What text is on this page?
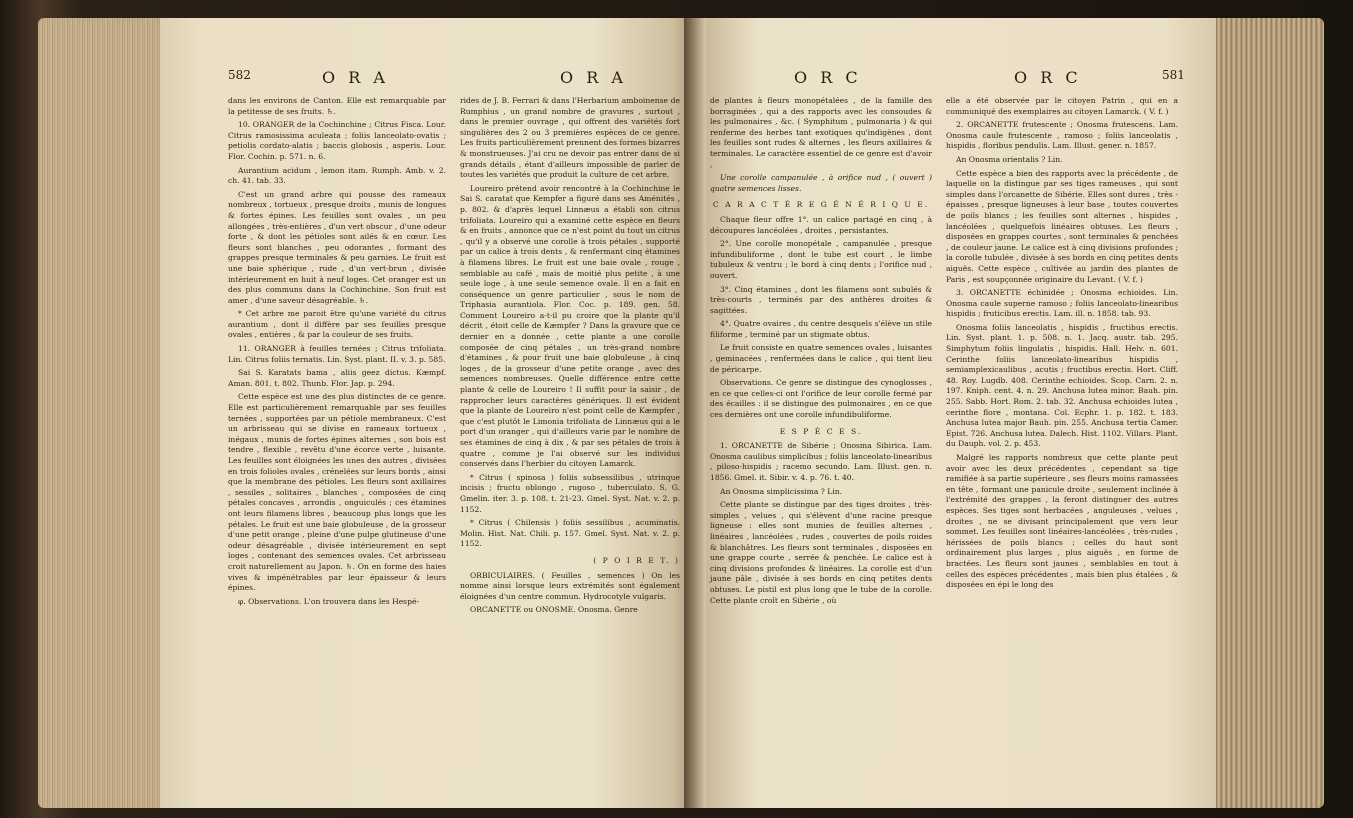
582	O R A	O R A

dans les environs de Canton. Elle est remarquable par la petitesse de ses fruits. ♄.

10. ORANGER de la Cochinchine ; Citrus Fisca. Lour. Citrus ramosissima aculeata ; foliis lanceolato-ovatis ; petiolis cordato-alatis ; baccis globosis , asperis. Lour. Flor. Cochin. p. 571. n. 6.

Aurantium acidum , lemon itam. Rumph. Amb. v. 2. ch. 41. tab. 33.

C'est un grand arbre qui pousse des rameaux nombreux , tortueux , presque droits , munis de longues & fortes épines. Les feuilles sont ovales , un peu allongées , très-entières , d'un vert obscur , d'une odeur forte , & dont les pétioles sont ailés & en cœur. Les fleurs sont blanches , peu odorantes , formant des grappes presque terminales & peu garnies. Le fruit est une baie sphérique , rude , d'un vert-brun , divisée intérieurement en huit à neuf loges. Cet oranger est un des plus communs dans la Cochinchine. Son fruit est amer , d'une saveur désagréable. ♄.

* Cet arbre me paroit être qu'une variété du citrus aurantium , dont il diffère par ses feuilles presque ovales , entières , & par la couleur de ses fruits.

11. ORANGER à feuilles ternées ; Citrus trifoliata. Lin. Citrus foliis ternatis. Lin. Syst. plant. II. v. 3. p. 585.

Sai S. Karatats bama , aliis geez dictus. Kæmpf. Aman. 801. t. 802. Thunb. Flor. Jap. p. 294.

Cette espèce est une des plus distinctes de ce genre. Elle est particulièrement remarquable par ses feuilles ternées , supportées par un pétiole membraneux. C'est un arbrisseau qui se divise en rameaux tortueux , inégaux , munis de fortes épines alternes , son bois est tendre , flexible , revêtu d'une écorce verte , luisante. Les feuilles sont éloignées les unes des autres , divisées en trois folioles ovales , crénelées sur leurs bords , ainsi que la membrane des pétioles. Les fleurs sont axillaires , sessiles , solitaires , blanches , composées de cinq pétales concaves , arrondis , onguiculés ; ces étamines ont leurs filamens libres , beaucoup plus longs que les pétales. Le fruit est une baie globuleuse , de la grosseur d'une petit orange , pleine d'une pulpe glutineuse d'une odeur désagréable , divisée intérieurement en sept loges , contenant des semences ovales. Cet arbrisseau croit naturellement au Japon. ♄. On en forme des haies vives & impénétrables par leur épaisseur & leurs épines.

φ. Observations. L'on trouvera dans les Hespé-

rides de J. B. Ferrari & dans l'Herbarium amboinense de Rumphius , un grand nombre de gravures , surtout , dans le premier ouvrage , qui offrent des variétés fort singulières des 2 ou 3 premières espèces de ce genre. Les fruits particulièrement prennent des formes bizarres & monstrueuses. J'ai cru ne devoir pas entrer dans de si grands détails , étant d'ailleurs impossible de parler de toutes les variétés que produit la culture de cet arbre.

Loureiro prétend avoir rencontré à la Cochinchine le Sai S. caratat que Kempfer a figuré dans ses Aménités , p. 802. & d'après lequel Linnæus a établi son citrus trifoliata. Loureiro qui a examiné cette espèce en fleurs & en fruits , annonce que ce n'est point du tout un citrus , qu'il y a observé une corolle à trois pétales , supporté par un calice à trois dents , & renfermant cinq étamines à filamens libres. Le fruit est une baie ovale , rouge , semblable au café , mais de moitié plus petite , à une seule loge , à une seule semence ovale. Il en a fait en conséquence un genre particulier , sous le nom de Triphasia aurantiola. Flor. Coc. p. 189. gen. 58. Comment Loureiro a-t-il pu croire que la plante qu'il décrit , étoit celle de Kæmpfer ? Dans la gravure que ce dernier en a donnée , cette plante a une corolle composée de cinq pétales , un très-grand nombre d'étamines , & pour fruit une baie globuleuse , à cinq loges , de la grosseur d'une petite orange , avec des semences nombreuses. Quelle différence entre cette plante & celle de Loureiro ! Il suffit pour la saisir , de rapprocher leurs caractères génériques. Il est évident que la plante de Loureiro n'est point celle de Kæmpfer , que c'est plutôt le Limonia trifoliata de Linnæus qui a le port d'un oranger , qui d'ailleurs varie par le nombre de ses étamines de cinq à dix , & par ses pétales de trois à quatre , comme je l'ai observé sur les individus conservés dans l'herbier du citoyen Lamarck.

* Citrus ( spinosa ) foliis subsessilibus , utrinque incisis ; fructu oblongo , rugoso , tuberculato. S. G. Gmelin. iter. 3. p. 108. t. 21-23. Gmel. Syst. Nat. v. 2. p. 1152.

* Citrus ( Chilensis ) foliis sessilibus , acuminatis. Molin. Hist. Nat. Chili. p. 157. Gmel. Syst. Nat. v. 2. p. 1152.

( P O I R E T. )

ORBICULAIRES. ( Feuilles , semences ) On les nomme ainsi lorsque leurs extrémités sont également éloignées d'un centre commun. Hydrocotyle vulgaris.

ORCANETTE ou ONOSME. Onosma. Genre

O R C	O R C	581

de plantes à fleurs monopétalées , de la famille des borraginées , qui a des rapports avec les consoudes & les pulmonaires , &c. ( Symphitum , pulmonaria ) & qui renferme des herbes tant exotiques qu'indigènes , dont les feuilles sont rudes & alternes , les fleurs axillaires & terminales. Le caractère essentiel de ce genre est d'avoir ,

Une corolle campanulée , à orifice nud , ( ouvert ) quatre semences lisses.

C A R A C T È R E G É N É R I Q U E.

Chaque fleur offre 1°. un calice partagé en cinq , à découpures lancéolées , droites , persistantes.

2°. Une corolle monopétale , campanulée , presque infundibuliforme , dont le tube est court , le limbe tubuleux & ventru ; le bord à cinq dents ; l'orifice nud , ouvert.

3°. Cinq étamines , dont les filamens sont subulés & très-courts , terminés par des anthères droites & sagittées.

4°. Quatre ovaires , du centre desquels s'élève un stile filiforme , terminé par un stigmate obtus.

Le fruit consiste en quatre semences ovales , luisantes , geminacées , renfermées dans le calice , qui tient lieu de péricarpe.

Observations. Ce genre se distingue des cynoglosses , en ce que celles-ci ont l'orifice de leur corolle fermé par des écailles : il se distingue des pulmonaires , en ce que ces dernières ont une corolle infundibuliforme.

E S P È C E S.

1. ORCANETTE de Sibérie ; Onosma Sibirica. Lam. Onosma caulibus simplicibus ; foliis lanceolato-linearibus , piloso-hispidis ; racemo secundo. Lam. Illust. gen. n. 1856. Gmel. it. Sibir. v. 4. p. 76. t. 40.

An Onosma simplicissima ? Lin.

Cette plante se distingue par des tiges droites , très-simples , velues , qui s'élèvent d'une racine presque ligneuse : elles sont munies de feuilles alternes , linéaires , lancéolées , rudes , couvertes de poils roides & blanchâtres. Les fleurs sont terminales , disposées en une grappe courte , serrée & penchée. Le calice est à cinq divisions profondes & linéaires. La corolle est d'un jaune pâle , divisée à ses bords en cinq petites dents obtuses. Le pistil est plus long que le tube de la corolle. Cette plante croît en Sibérie , où

elle a été observée par le citoyen Patrin , qui en a communiqué des exemplaires au citoyen Lamarck. ( V. f. )

2. ORCANETTE frutescente ; Onosma frutescens. Lam. Onosma caule frutescente , ramoso ; foliis lanceolatis , hispidis , floribus pendulis. Lam. Illust. gener. n. 1857.

An Onosma orientalis ? Lin.

Cette espèce a bien des rapports avec la précédente , de laquelle on la distingue par ses tiges rameuses , qui sont simples dans l'orcanette de Sibérie. Elles sont dures , très - épaisses , presque ligneuses à leur base , toutes couvertes de poils blancs ; les feuilles sont alternes , hispides , lancéolées , quelquefois linéaires obtuses. Les fleurs , disposées en grappes courtes , sont terminales & penchées , de couleur jaune. Le calice est à cinq divisions profondes ; la corolle tubulée , divisée à ses bords en cinq petites dents aiguës. Cette espèce , cultivée au jardin des plantes de Paris , est soupçonnée originaire du Levant. ( V. f. )

3. ORCANETTE échinidée ; Onosma echioides. Lin. Onosma caule superne ramoso ; foliis lanceolato-linearibus hispidis ; fruticibus erectis. Lam. ill. n. 1858. tab. 93.

Onosma foliis lanceolatis , hispidis , fructibus erectis. Lin. Syst. plant. 1. p. 508. n. 1. Jacq. austr. tab. 295. Simphytum foliis lingulatis , hispidis. Hall. Helv. n. 601. Cerinthe foliis lanceolato-linearibus hispidis , semiamplexicaulibus , acutis ; fructibus erectis. Hort. Cliff. 48. Roy. Lugdb. 408. Cerinthe echioides. Scop. Carn. 2. n. 197. Kniph. cent. 4. n. 29. Anchusa lutea minor. Bauh. pin. 255. Sabb. Hort. Rom. 2. tab. 32. Anchusa echioides lutea , cerinthe flore , montana. Col. Ecphr. 1. p. 182. t. 183. Anchusa lutea major Bauh. pin. 255. Anchusa tertia Camer. Epist. 726. Anchusa lutea. Dalech. Hist. 1102. Villars. Plant. du Dauph. vol. 2. p. 453.

Malgré les rapports nombreux que cette plante peut avoir avec les deux précédentes , cependant sa tige ramifiée à sa partie supérieure , ses fleurs moins ramassées en tête , formant une panicule droite , seulement inclinée à l'extrémité des grappes , la feront distinguer des autres espèces. Ses tiges sont herbacées , anguleuses , velues , droites , ne se divisant principalement que vers leur sommet. Les feuilles sont linéaires-lancéolées , très-rudes , hérissées de poils blancs ; celles du haut sont ordinairement plus larges , plus aiguës , en forme de bractées. Les fleurs sont jaunes , semblables en tout à celles des espèces précédentes , mais bien plus étalées , & disposées en épi le long des
